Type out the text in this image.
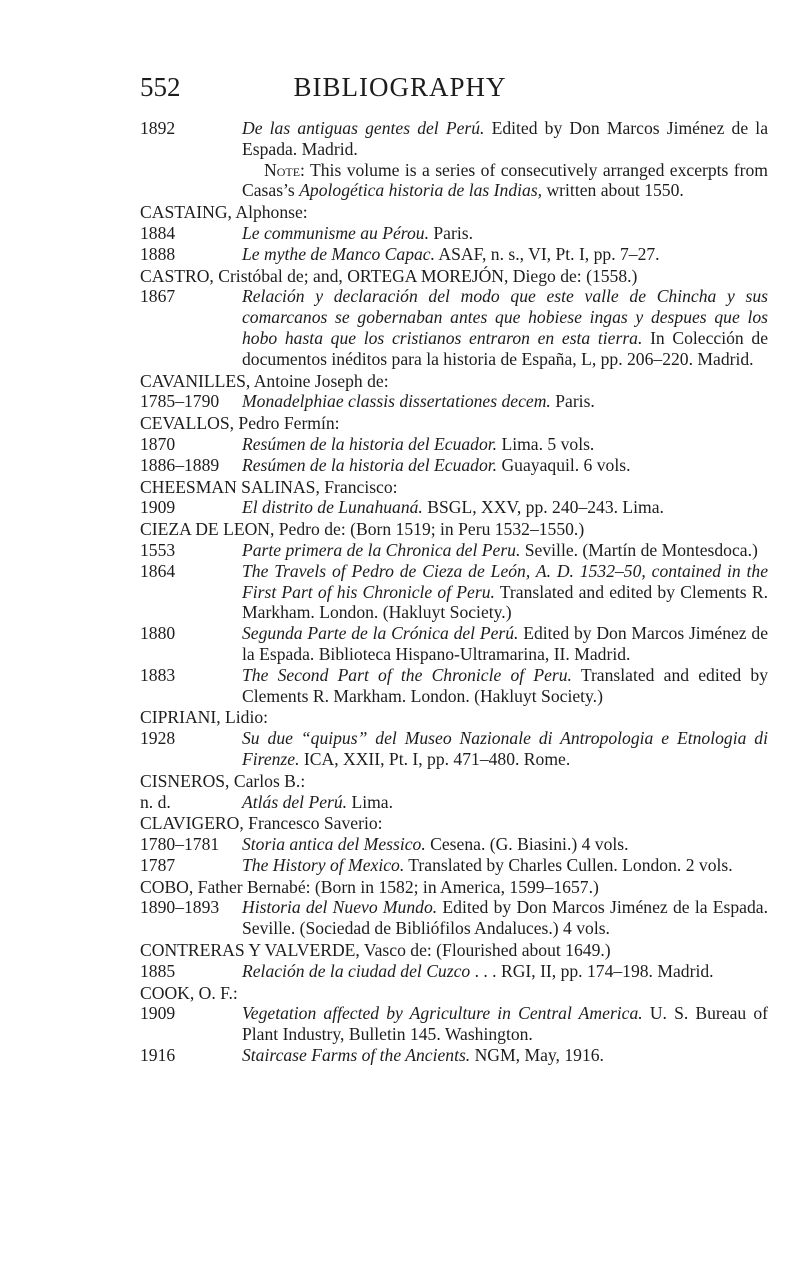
552	BIBLIOGRAPHY
1892	De las antiguas gentes del Perú. Edited by Don Marcos Jiménez de la Espada. Madrid.
Note: This volume is a series of consecutively arranged excerpts from Casas’s Apologética historia de las Indias, written about 1550.
CASTAING, Alphonse:
1884	Le communisme au Pérou. Paris.
1888	Le mythe de Manco Capac. ASAF, n. s., VI, Pt. I, pp. 7–27.
CASTRO, Cristóbal de; and, ORTEGA MOREJÓN, Diego de: (1558.)
1867	Relación y declaración del modo que este valle de Chincha y sus comarcanos se gobernaban antes que hobiese ingas y despues que los hobo hasta que los cristianos entraron en esta tierra. In Colección de documentos inéditos para la historia de España, L, pp. 206–220. Madrid.
CAVANILLES, Antoine Joseph de:
1785–1790	Monadelphiae classis dissertationes decem. Paris.
CEVALLOS, Pedro Fermín:
1870	Resúmen de la historia del Ecuador. Lima. 5 vols.
1886–1889	Resúmen de la historia del Ecuador. Guayaquil. 6 vols.
CHEESMAN SALINAS, Francisco:
1909	El distrito de Lunahuaná. BSGL, XXV, pp. 240–243. Lima.
CIEZA DE LEON, Pedro de: (Born 1519; in Peru 1532–1550.)
1553	Parte primera de la Chronica del Peru. Seville. (Martín de Montesdoca.)
1864	The Travels of Pedro de Cieza de León, A. D. 1532–50, contained in the First Part of his Chronicle of Peru. Translated and edited by Clements R. Markham. London. (Hakluyt Society.)
1880	Segunda Parte de la Crónica del Perú. Edited by Don Marcos Jiménez de la Espada. Biblioteca Hispano-Ultramarina, II. Madrid.
1883	The Second Part of the Chronicle of Peru. Translated and edited by Clements R. Markham. London. (Hakluyt Society.)
CIPRIANI, Lidio:
1928	Su due “quipus” del Museo Nazionale di Antropologia e Etnologia di Firenze. ICA, XXII, Pt. I, pp. 471–480. Rome.
CISNEROS, Carlos B.:
n. d.	Atlás del Perú. Lima.
CLAVIGERO, Francesco Saverio:
1780–1781	Storia antica del Messico. Cesena. (G. Biasini.) 4 vols.
1787	The History of Mexico. Translated by Charles Cullen. London. 2 vols.
COBO, Father Bernabé: (Born in 1582; in America, 1599–1657.)
1890–1893	Historia del Nuevo Mundo. Edited by Don Marcos Jiménez de la Espada. Seville. (Sociedad de Bibliófilos Andaluces.) 4 vols.
CONTRERAS Y VALVERDE, Vasco de: (Flourished about 1649.)
1885	Relación de la ciudad del Cuzco . . . RGI, II, pp. 174–198. Madrid.
COOK, O. F.:
1909	Vegetation affected by Agriculture in Central America. U. S. Bureau of Plant Industry, Bulletin 145. Washington.
1916	Staircase Farms of the Ancients. NGM, May, 1916.
